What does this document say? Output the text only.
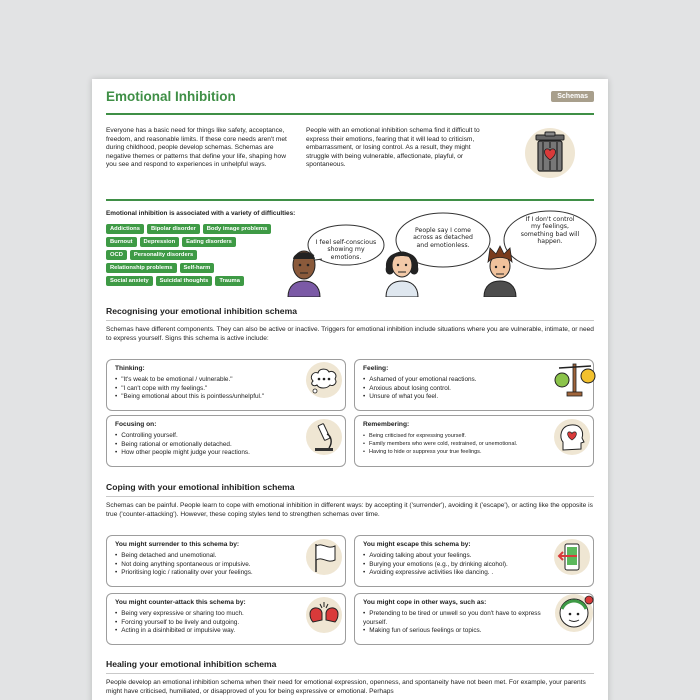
Emotional Inhibition	Schemas
Everyone has a basic need for things like safety, acceptance, freedom, and reasonable limits. If these core needs aren't met during childhood, people develop schemas. Schemas are negative themes or patterns that define your life, shaping how you see and respond to experiences in unhelpful ways.
People with an emotional inhibition schema find it difficult to express their emotions, fearing that it will lead to criticism, embarrassment, or losing control. As a result, they might struggle with being vulnerable, affectionate, playful, or spontaneous.
Emotional inhibition is associated with a variety of difficulties:
Addictions	Bipolar disorder	Body image problems
Burnout	Depression	Eating disorders
OCD	Personality disorders
Relationship problems	Self-harm
Social anxiety	Suicidal thoughts	Trauma
I feel self-conscious showing my emotions.
People say I come across as detached and emotionless.
If I don't control my feelings, something bad will happen.
Recognising your emotional inhibition schema
Schemas have different components. They can also be active or inactive. Triggers for emotional inhibition include situations where you are vulnerable, intimate, or need to express yourself. Signs this schema is active include:
Thinking:
• "It's weak to be emotional / vulnerable."
• "I can't cope with my feelings."
• "Being emotional about this is pointless/unhelpful."
Feeling:
• Ashamed of your emotional reactions.
• Anxious about losing control.
• Unsure of what you feel.
Focusing on:
• Controlling yourself.
• Being rational or emotionally detached.
• How other people might judge your reactions.
Remembering:
• Being criticised for expressing yourself.
• Family members who were cold, restrained, or unemotional.
• Having to hide or suppress your true feelings.
Coping with your emotional inhibition schema
Schemas can be painful. People learn to cope with emotional inhibition in different ways: by accepting it ('surrender'), avoiding it ('escape'), or acting like the opposite is true ('counter-attacking'). However, these coping styles tend to strengthen schemas over time.
You might surrender to this schema by:
• Being detached and unemotional.
• Not doing anything spontaneous or impulsive.
• Prioritising logic / rationality over your feelings.
You might escape this schema by:
• Avoiding talking about your feelings.
• Burying your emotions (e.g., by drinking alcohol).
• Avoiding expressive activities like dancing. .
You might counter-attack this schema by:
• Being very expressive or sharing too much.
• Forcing yourself to be lively and outgoing.
• Acting in a disinhibited or impulsive way.
You might cope in other ways, such as:
• Pretending to be tired or unwell so you don't have to express yourself.
• Making fun of serious feelings or topics.
Healing your emotional inhibition schema
People develop an emotional inhibition schema when their need for emotional expression, openness, and spontaneity have not been met. For example, your parents might have criticised, humiliated, or disapproved of you for being expressive or emotional. Perhaps
